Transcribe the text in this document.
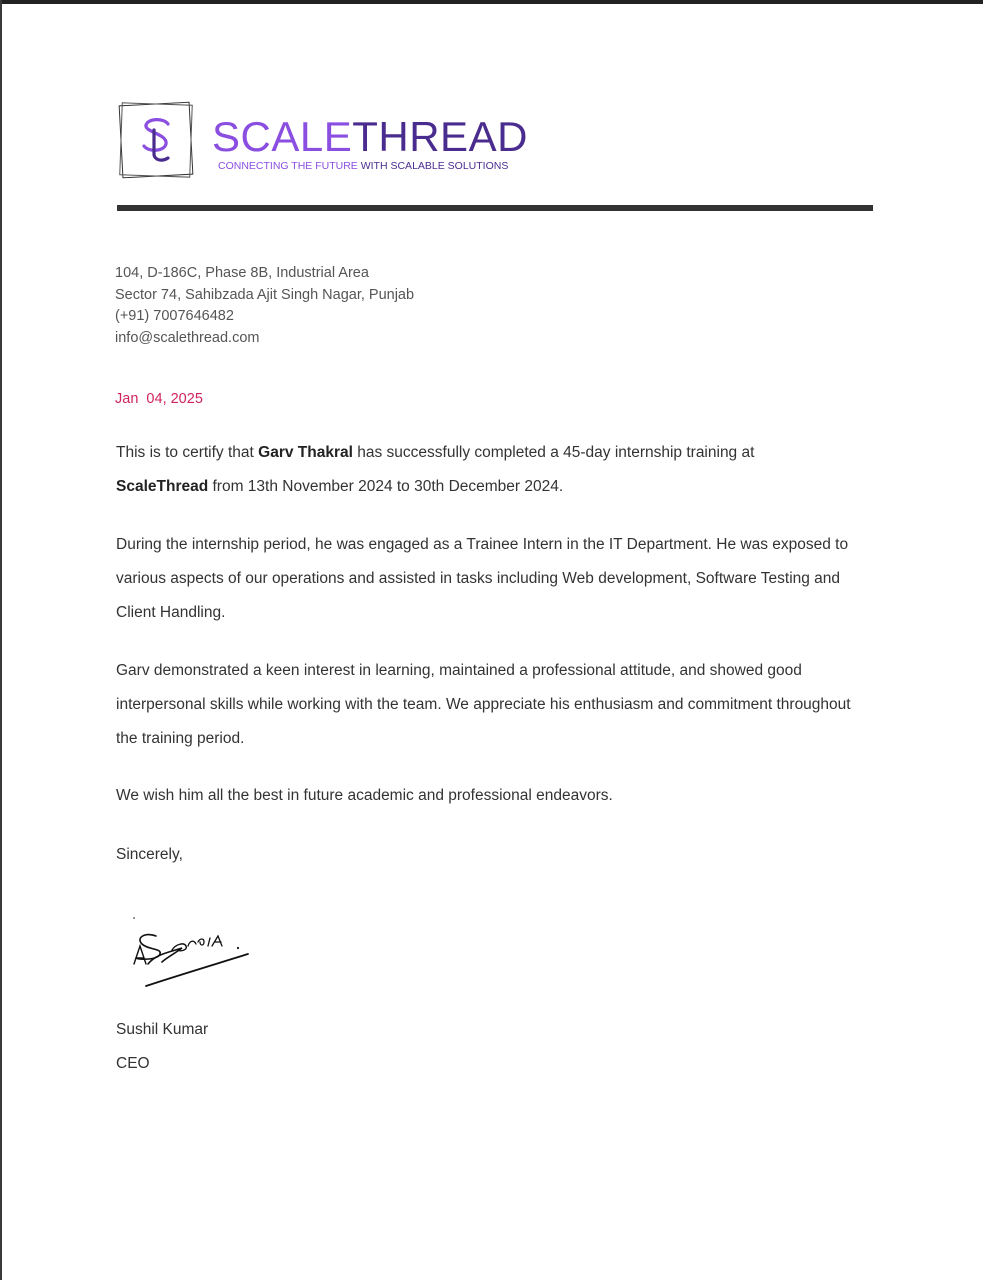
S SCALETHREAD
CONNECTING THE FUTURE WITH SCALABLE SOLUTIONS
104, D-186C, Phase 8B, Industrial Area
Sector 74, Sahibzada Ajit Singh Nagar, Punjab
(+91) 7007646482
info@scalethread.com
Jan  04, 2025
This is to certify that Garv Thakral has successfully completed a 45-day internship training at
ScaleThread from 13th November 2024 to 30th December 2024.
During the internship period, he was engaged as a Trainee Intern in the IT Department. He was exposed to various aspects of our operations and assisted in tasks including Web development, Software Testing and Client Handling.
Garv demonstrated a keen interest in learning, maintained a professional attitude, and showed good interpersonal skills while working with the team. We appreciate his enthusiasm and commitment throughout the training period.
We wish him all the best in future academic and professional endeavors.
Sincerely,
Sushil Kumar
CEO
